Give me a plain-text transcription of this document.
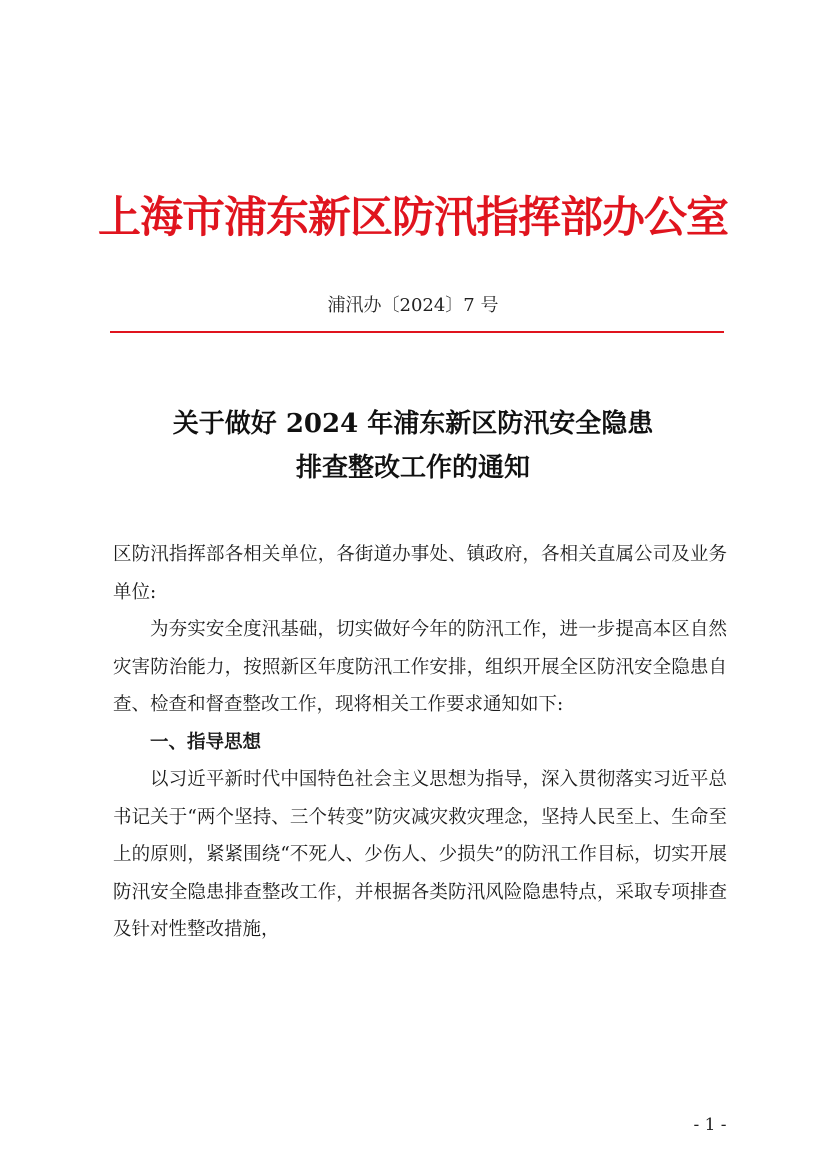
上海市浦东新区防汛指挥部办公室
浦汛办〔2024〕7 号
关于做好 2024 年浦东新区防汛安全隐患
排查整改工作的通知

区防汛指挥部各相关单位，各街道办事处、镇政府，各相关直属公司及业务单位:

为夯实安全度汛基础，切实做好今年的防汛工作，进一步提高本区自然灾害防治能力，按照新区年度防汛工作安排，组织开展全区防汛安全隐患自查、检查和督查整改工作，现将相关工作要求通知如下:

一、指导思想

以习近平新时代中国特色社会主义思想为指导，深入贯彻落实习近平总书记关于“两个坚持、三个转变”防灾减灾救灾理念，坚持人民至上、生命至上的原则，紧紧围绕“不死人、少伤人、少损失”的防汛工作目标，切实开展防汛安全隐患排查整改工作，并根据各类防汛风险隐患特点，采取专项排查及针对性整改措施，

- 1 -
